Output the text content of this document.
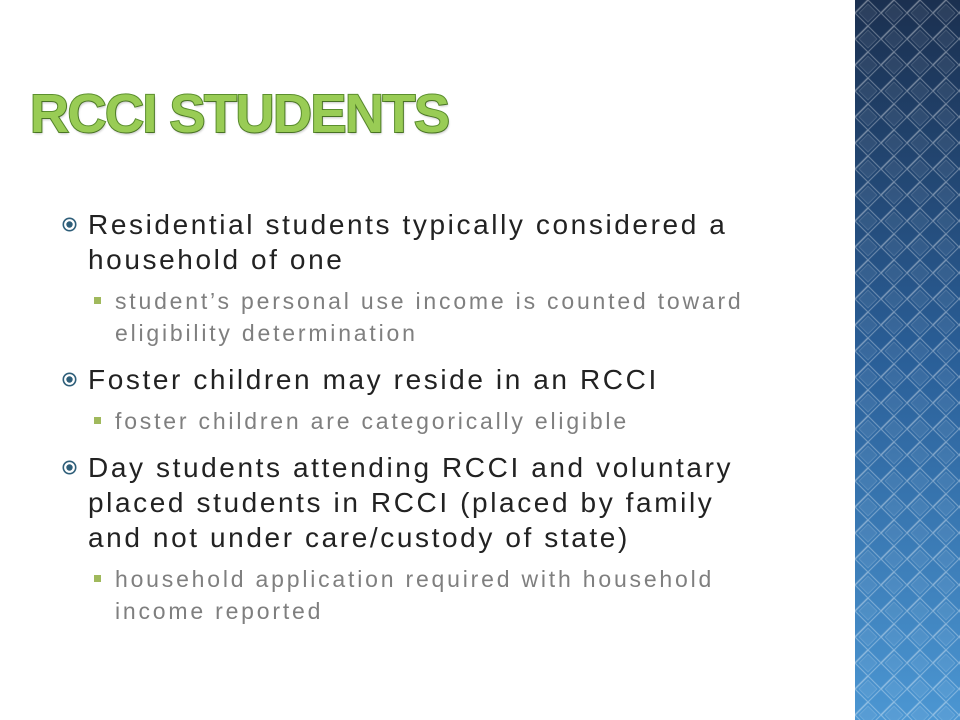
RCCI STUDENTS
Residential students typically considered a household of one
student’s personal use income is counted toward eligibility determination
Foster children may reside in an RCCI
foster children are categorically eligible
Day students attending RCCI and voluntary placed students in RCCI (placed by family and not under care/custody of state)
household application required with household income reported
